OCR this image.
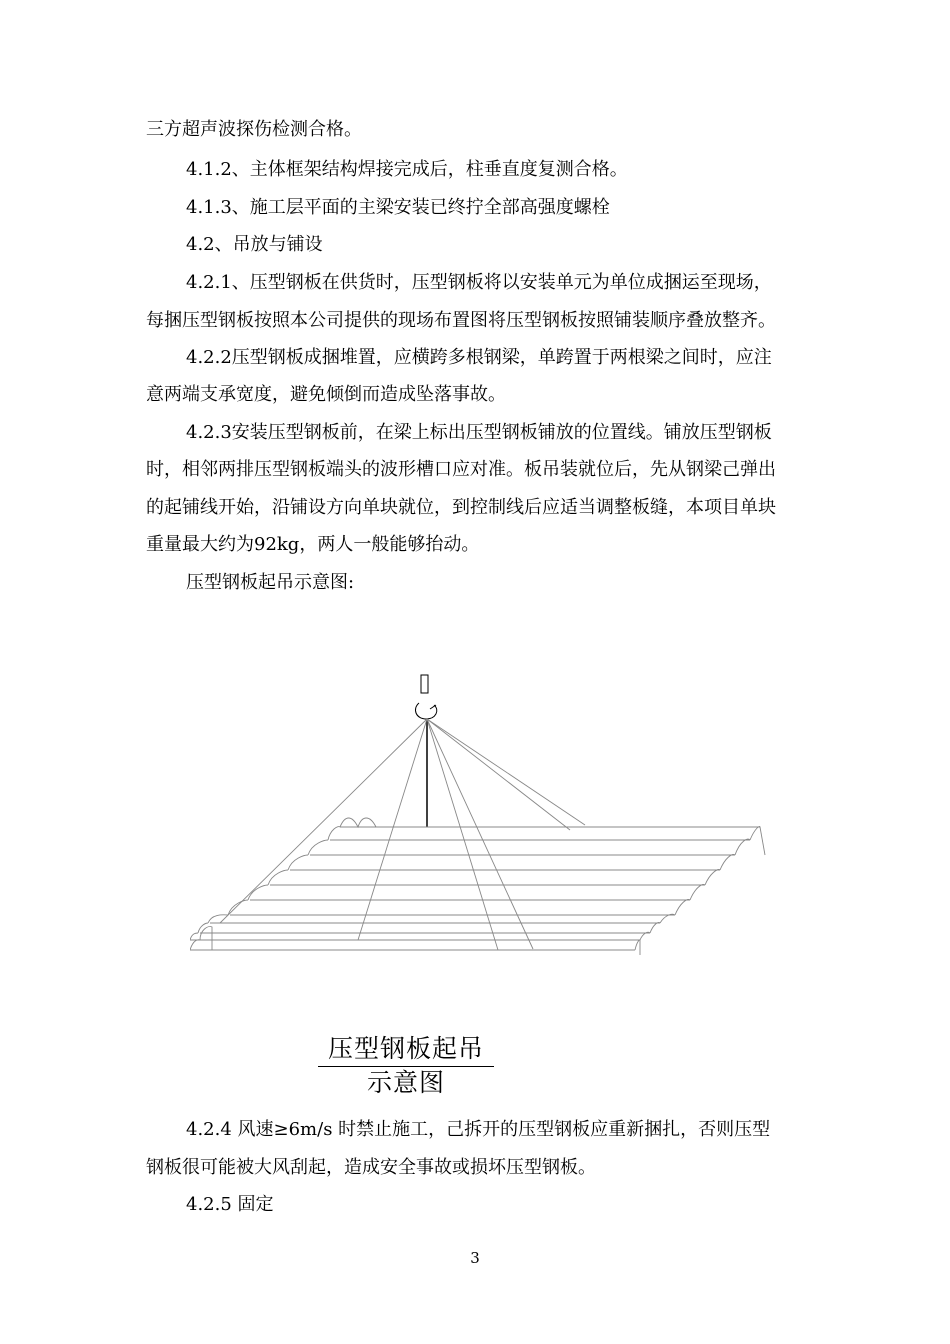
三方超声波探伤检测合格。
4.1.2、主体框架结构焊接完成后，柱垂直度复测合格。
4.1.3、施工层平面的主梁安装已终拧全部高强度螺栓
4.2、吊放与铺设
4.2.1、压型钢板在供货时，压型钢板将以安装单元为单位成捆运至现场，
每捆压型钢板按照本公司提供的现场布置图将压型钢板按照铺装顺序叠放整齐。
4.2.2压型钢板成捆堆置，应横跨多根钢梁，单跨置于两根梁之间时，应注
意两端支承宽度，避免倾倒而造成坠落事故。
4.2.3安装压型钢板前，在梁上标出压型钢板铺放的位置线。铺放压型钢板
时，相邻两排压型钢板端头的波形槽口应对准。板吊装就位后，先从钢梁己弹出
的起铺线开始，沿铺设方向单块就位，到控制线后应适当调整板缝，本项目单块
重量最大约为92kg，两人一般能够抬动。
压型钢板起吊示意图:
压型钢板起吊示意图
4.2.4 风速≥6m/s 时禁止施工，己拆开的压型钢板应重新捆扎，否则压型
钢板很可能被大风刮起，造成安全事故或损坏压型钢板。
4.2.5 固定
3
